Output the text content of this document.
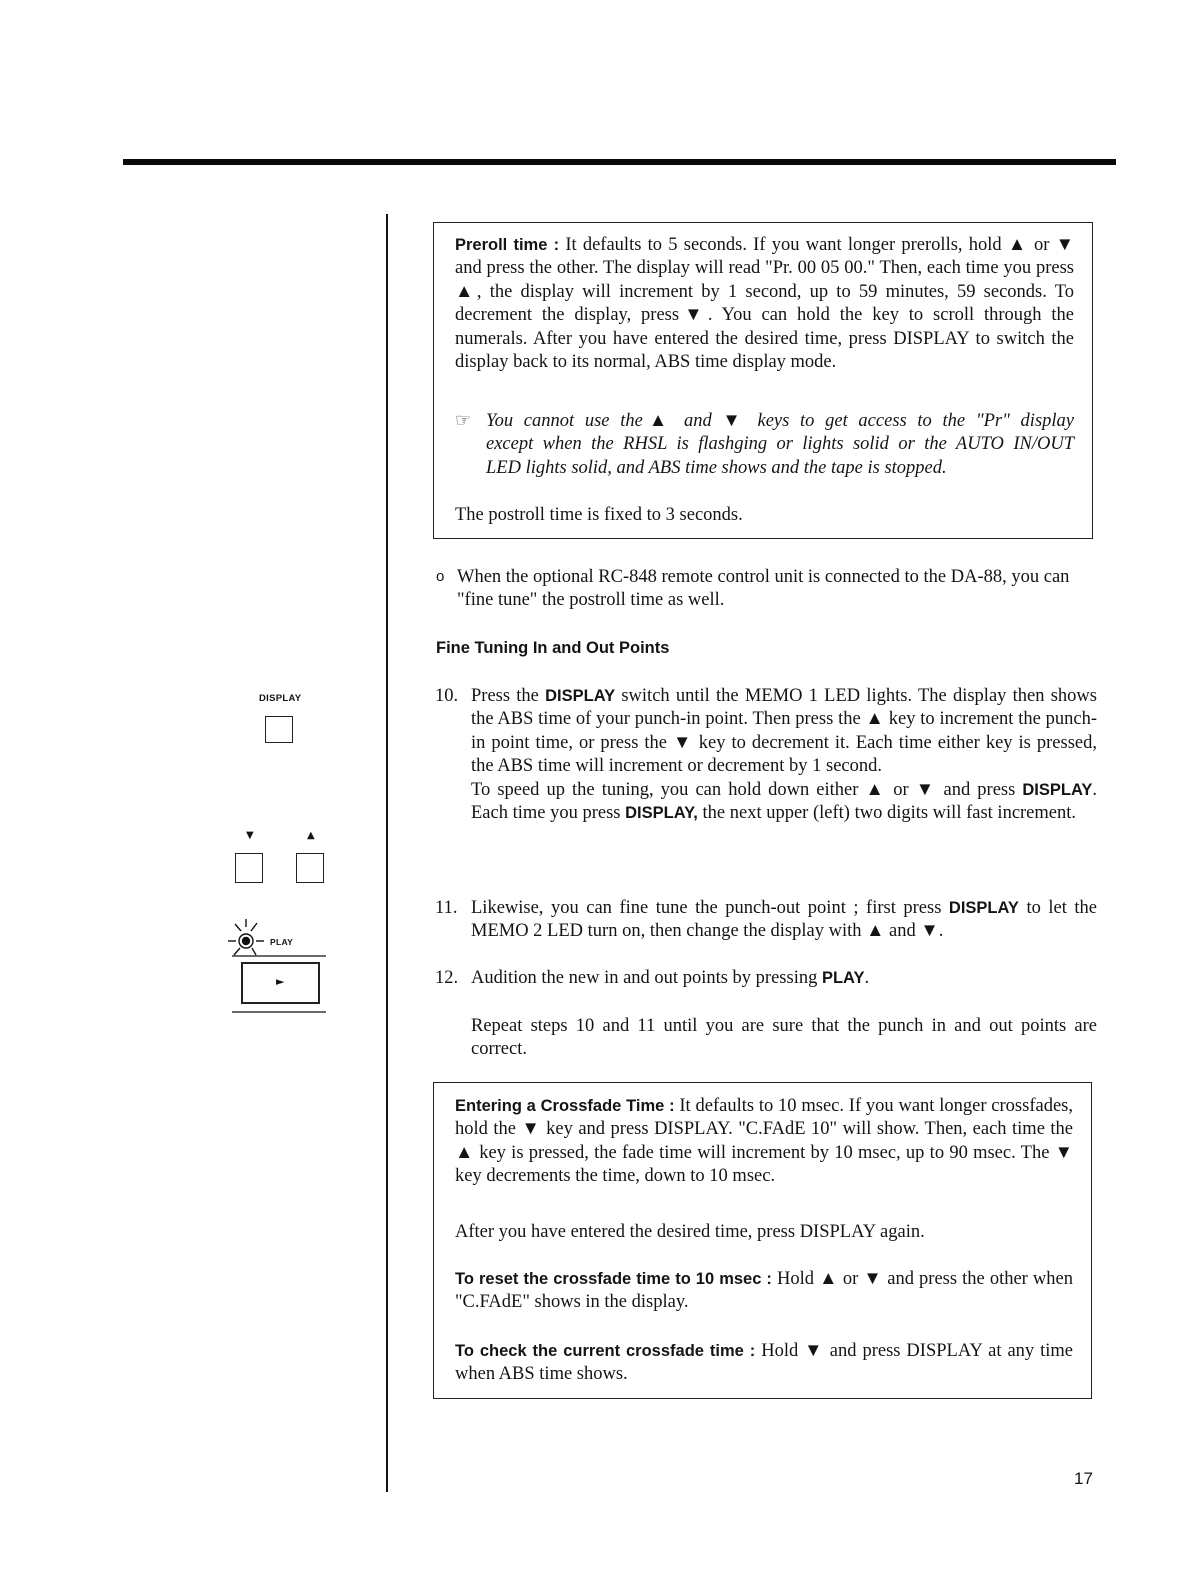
DISPLAY
▼	▲
PLAY
►
Preroll time : It defaults to 5 seconds. If you want longer prerolls, hold ▲ or ▼ and press the other. The display will read "Pr. 00 05 00." Then, each time you press ▲, the display will increment by 1 second, up to 59 minutes, 59 seconds. To decrement the display, press▼. You can hold the key to scroll through the numerals. After you have entered the desired time, press DISPLAY to switch the display back to its normal, ABS time display mode.
☞ You cannot use the▲ and ▼ keys to get access to the "Pr" display
except when the RHSL is flashging or lights solid or the AUTO IN/OUT
LED lights solid, and ABS time shows and the tape is stopped.
The postroll time is fixed to 3 seconds.
o When the optional RC-848 remote control unit is connected to the DA-88, you can "fine tune" the postroll time as well.
Fine Tuning In and Out Points
10. Press the DISPLAY switch until the MEMO 1 LED lights. The display then shows the ABS time of your punch-in point. Then press the ▲ key to increment the punch-in point time, or press the ▼ key to decrement it. Each time either key is pressed, the ABS time will increment or decrement by 1 second.
To speed up the tuning, you can hold down either ▲ or ▼ and press DISPLAY. Each time you press DISPLAY, the next upper (left) two digits will fast increment.
11. Likewise, you can fine tune the punch-out point ; first press DISPLAY to let the MEMO 2 LED turn on, then change the display with ▲ and ▼.
12. Audition the new in and out points by pressing PLAY.
Repeat steps 10 and 11 until you are sure that the punch in and out points are correct.
Entering a Crossfade Time : It defaults to 10 msec. If you want longer crossfades, hold the ▼ key and press DISPLAY. "C.FAdE 10" will show. Then, each time the ▲ key is pressed, the fade time will increment by 10 msec, up to 90 msec. The ▼ key decrements the time, down to 10 msec.
After you have entered the desired time, press DISPLAY again.
To reset the crossfade time to 10 msec : Hold ▲ or ▼ and press the other when "C.FAdE" shows in the display.
To check the current crossfade time : Hold ▼ and press DISPLAY at any time when ABS time shows.
17
